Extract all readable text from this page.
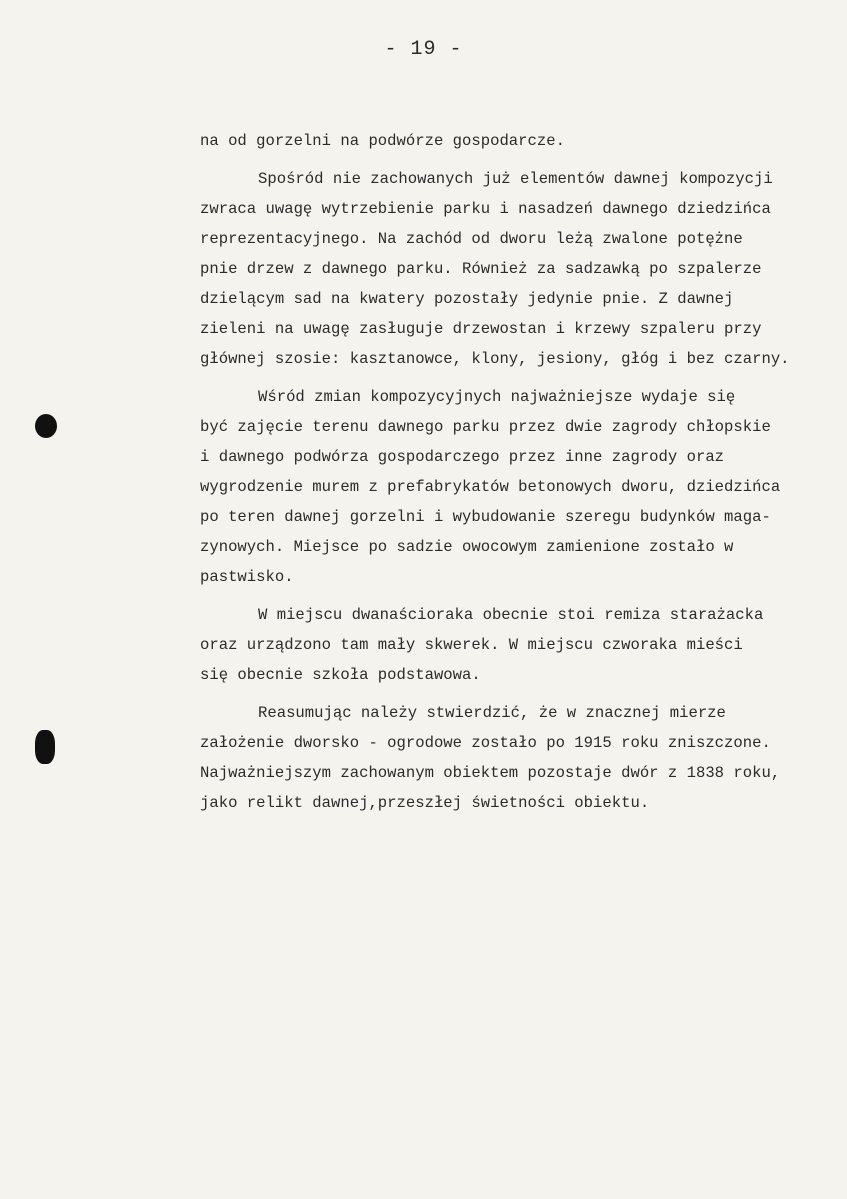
- 19 -
na od gorzelni na podwórze gospodarcze.
Spośród nie zachowanych już elementów dawnej kompozycji
zwraca uwagę wytrzebienie parku i nasadzeń dawnego dziedzińca
reprezentacyjnego. Na zachód od dworu leżą zwalone potężne
pnie drzew z dawnego parku. Również za sadzawką po szpalerze
dzielącym sad na kwatery pozostały jedynie pnie. Z dawnej
zieleni na uwagę zasługuje drzewostan i krzewy szpaleru przy
głównej szosie: kasztanowce, klony, jesiony, głóg i bez czarny.
Wśród zmian kompozycyjnych najważniejsze wydaje się
być zajęcie terenu dawnego parku przez dwie zagrody chłopskie
i dawnego podwórza gospodarczego przez inne zagrody oraz
wygrodzenie murem z prefabrykatów betonowych dworu, dziedzińca
po teren dawnej gorzelni i wybudowanie szeregu budynków maga-
zynowych. Miejsce po sadzie owocowym zamienione zostało w
pastwisko.
W miejscu dwanaściorakа obecnie stoi remiza starażacka
oraz urządzono tam mały skwerek. W miejscu czworaka mieści
się obecnie szkoła podstawowa.
Reasumując należy stwierdzić, że w znacznej mierze
założenie dworsko - ogrodowe zostało po 1915 roku zniszczone.
Najważniejszym zachowanym obiektem pozostaje dwór z 1838 roku,
jako relikt dawnej,przeszłej świetności obiektu.
